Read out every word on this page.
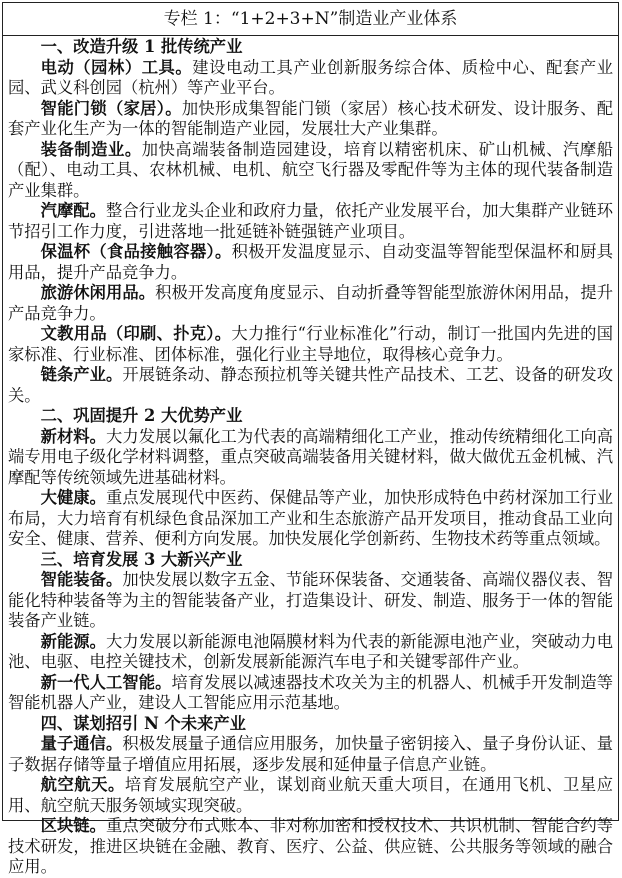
专栏 1：“1+2+3+N”制造业产业体系

一、改造升级 1 批传统产业

电动（园林）工具。建设电动工具产业创新服务综合体、质检中心、配套产业园、武义科创园（杭州）等产业平台。

智能门锁（家居）。加快形成集智能门锁（家居）核心技术研发、设计服务、配套产业化生产为一体的智能制造产业园，发展壮大产业集群。

装备制造业。加快高端装备制造园建设，培育以精密机床、矿山机械、汽摩船（配）、电动工具、农林机械、电机、航空飞行器及零配件等为主体的现代装备制造产业集群。

汽摩配。整合行业龙头企业和政府力量，依托产业发展平台，加大集群产业链环节招引工作力度，引进落地一批延链补链强链产业项目。

保温杯（食品接触容器）。积极开发温度显示、自动变温等智能型保温杯和厨具用品，提升产品竞争力。

旅游休闲用品。积极开发高度角度显示、自动折叠等智能型旅游休闲用品，提升产品竞争力。

文教用品（印刷、扑克）。大力推行“行业标准化”行动，制订一批国内先进的国家标准、行业标准、团体标准，强化行业主导地位，取得核心竞争力。

链条产业。开展链条动、静态预拉机等关键共性产品技术、工艺、设备的研发攻关。

二、巩固提升 2 大优势产业

新材料。大力发展以氟化工为代表的高端精细化工产业，推动传统精细化工向高端专用电子级化学材料调整，重点突破高端装备用关键材料，做大做优五金机械、汽摩配等传统领域先进基础材料。

大健康。重点发展现代中医药、保健品等产业，加快形成特色中药材深加工行业布局，大力培育有机绿色食品深加工产业和生态旅游产品开发项目，推动食品工业向安全、健康、营养、便利方向发展。加快发展化学创新药、生物技术药等重点领域。

三、培育发展 3 大新兴产业

智能装备。加快发展以数字五金、节能环保装备、交通装备、高端仪器仪表、智能化特种装备等为主的智能装备产业，打造集设计、研发、制造、服务于一体的智能装备产业链。

新能源。大力发展以新能源电池隔膜材料为代表的新能源电池产业，突破动力电池、电驱、电控关键技术，创新发展新能源汽车电子和关键零部件产业。

新一代人工智能。培育发展以减速器技术攻关为主的机器人、机械手开发制造等智能机器人产业，建设人工智能应用示范基地。

四、谋划招引 N 个未来产业

量子通信。积极发展量子通信应用服务，加快量子密钥接入、量子身份认证、量子数据存储等量子增值应用拓展，逐步发展和延伸量子信息产业链。

航空航天。培育发展航空产业，谋划商业航天重大项目，在通用飞机、卫星应用、航空航天服务领域实现突破。

区块链。重点突破分布式账本、非对称加密和授权技术、共识机制、智能合约等技术研发，推进区块链在金融、教育、医疗、公益、供应链、公共服务等领域的融合应用。
